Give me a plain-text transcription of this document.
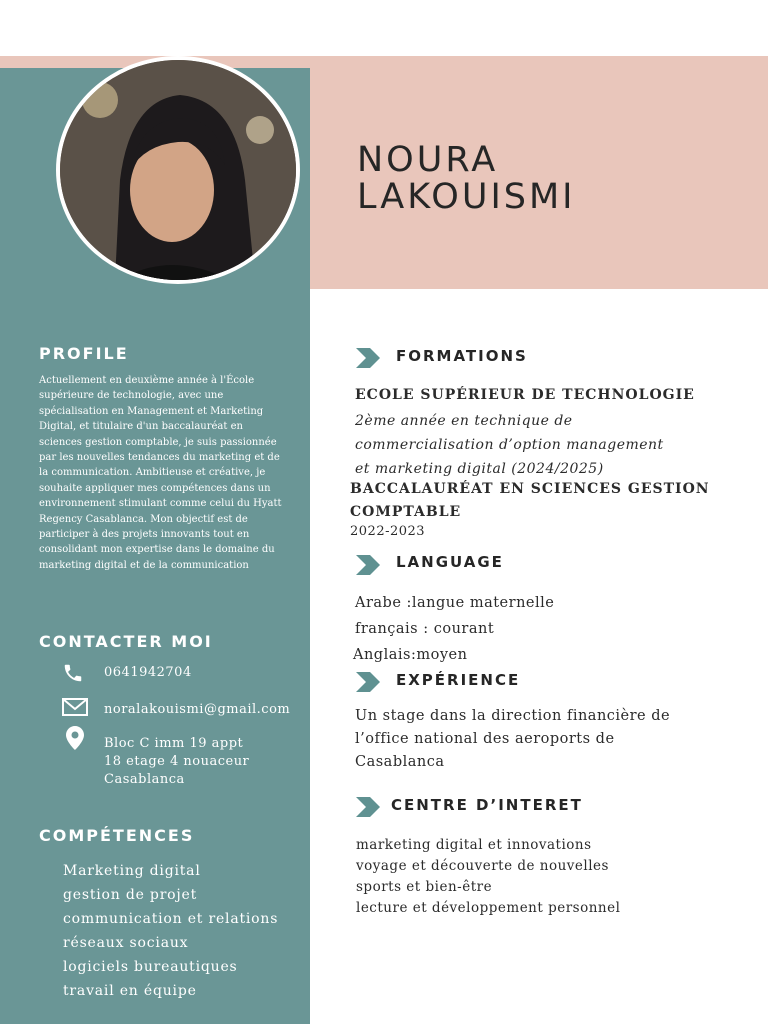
NOURA
LAKOUISMI
PROFILE
Actuellement en deuxième année à l'École supérieure de technologie, avec une spécialisation en Management et Marketing Digital, et titulaire d'un baccalauréat en sciences gestion comptable, je suis passionnée par les nouvelles tendances du marketing et de la communication. Ambitieuse et créative, je souhaite appliquer mes compétences dans un environnement stimulant comme celui du Hyatt Regency Casablanca. Mon objectif est de participer à des projets innovants tout en consolidant mon expertise dans le domaine du marketing digital et de la communication
CONTACTER MOI
0641942704
noralakouismi@gmail.com
Bloc C imm 19 appt
18 etage 4 nouaceur
Casablanca
COMPÉTENCES
Marketing digital
gestion de projet
communication et relations
réseaux sociaux
logiciels bureautiques
travail en équipe
FORMATIONS
ECOLE SUPÉRIEUR DE TECHNOLOGIE
2ème année en technique de
commercialisation d’option management
et marketing digital (2024/2025)
BACCALAURÉAT EN SCIENCES GESTION
COMPTABLE
2022-2023
LANGUAGE
Arabe :langue maternelle
français : courant
Anglais:moyen
EXPÉRIENCE
Un stage dans la direction financière de
l’office national des aeroports de
Casablanca
CENTRE D’INTERET
marketing digital et innovations
voyage et découverte de nouvelles
sports et bien-être
lecture et développement personnel
